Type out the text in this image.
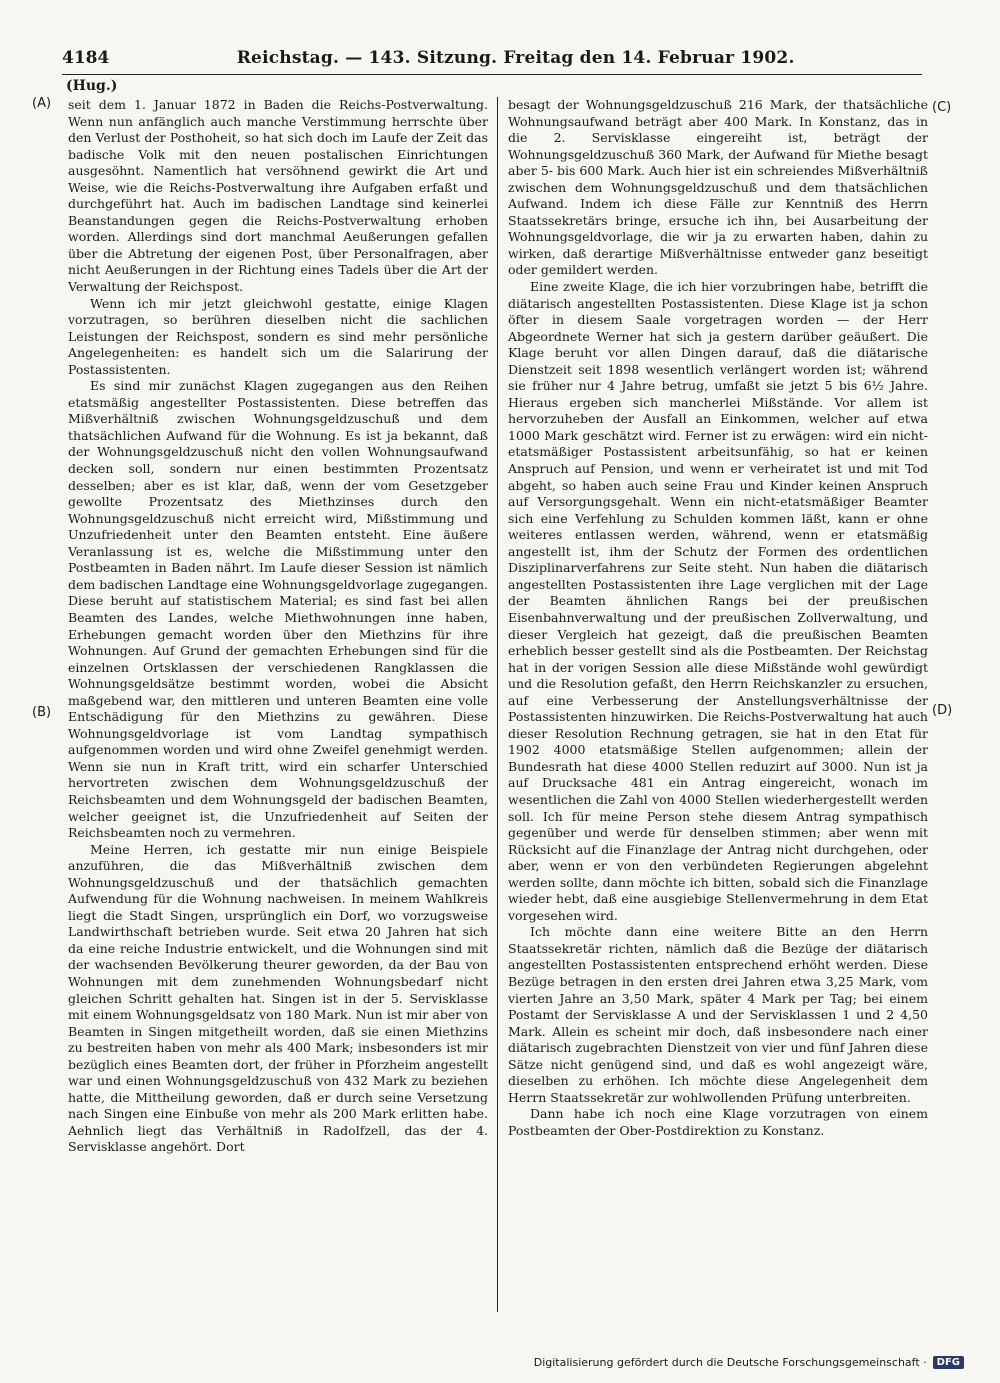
4184	Reichstag. — 143. Sitzung. Freitag den 14. Februar 1902.
(Hug.)
(A)
(B)
(C)
(D)

seit dem 1. Januar 1872 in Baden die Reichs-Postverwaltung. Wenn nun anfänglich auch manche Verstimmung herrschte über den Verlust der Posthoheit, so hat sich doch im Laufe der Zeit das badische Volk mit den neuen postalischen Einrichtungen ausgesöhnt. Namentlich hat versöhnend gewirkt die Art und Weise, wie die Reichs-Postverwaltung ihre Aufgaben erfaßt und durchgeführt hat. Auch im badischen Landtage sind keinerlei Beanstandungen gegen die Reichs-Postverwaltung erhoben worden. Allerdings sind dort manchmal Aeußerungen gefallen über die Abtretung der eigenen Post, über Personalfragen, aber nicht Aeußerungen in der Richtung eines Tadels über die Art der Verwaltung der Reichspost.

Wenn ich mir jetzt gleichwohl gestatte, einige Klagen vorzutragen, so berühren dieselben nicht die sachlichen Leistungen der Reichspost, sondern es sind mehr persönliche Angelegenheiten: es handelt sich um die Salarirung der Postassistenten.

Es sind mir zunächst Klagen zugegangen aus den Reihen etatsmäßig angestellter Postassistenten. Diese betreffen das Mißverhältniß zwischen Wohnungsgeldzuschuß und dem thatsächlichen Aufwand für die Wohnung. Es ist ja bekannt, daß der Wohnungsgeldzuschuß nicht den vollen Wohnungsaufwand decken soll, sondern nur einen bestimmten Prozentsatz desselben; aber es ist klar, daß, wenn der vom Gesetzgeber gewollte Prozentsatz des Miethzinses durch den Wohnungsgeldzuschuß nicht erreicht wird, Mißstimmung und Unzufriedenheit unter den Beamten entsteht. Eine äußere Veranlassung ist es, welche die Mißstimmung unter den Postbeamten in Baden nährt. Im Laufe dieser Session ist nämlich dem badischen Landtage eine Wohnungsgeldvorlage zugegangen. Diese beruht auf statistischem Material; es sind fast bei allen Beamten des Landes, welche Miethwohnungen inne haben, Erhebungen gemacht worden über den Miethzins für ihre Wohnungen. Auf Grund der gemachten Erhebungen sind für die einzelnen Ortsklassen der verschiedenen Rangklassen die Wohnungsgeldsätze bestimmt worden, wobei die Absicht maßgebend war, den mittleren und unteren Beamten eine volle Entschädigung für den Miethzins zu gewähren. Diese Wohnungsgeldvorlage ist vom Landtag sympathisch aufgenommen worden und wird ohne Zweifel genehmigt werden. Wenn sie nun in Kraft tritt, wird ein scharfer Unterschied hervortreten zwischen dem Wohnungsgeldzuschuß der Reichsbeamten und dem Wohnungsgeld der badischen Beamten, welcher geeignet ist, die Unzufriedenheit auf Seiten der Reichsbeamten noch zu vermehren.

Meine Herren, ich gestatte mir nun einige Beispiele anzuführen, die das Mißverhältniß zwischen dem Wohnungsgeldzuschuß und der thatsächlich gemachten Aufwendung für die Wohnung nachweisen. In meinem Wahlkreis liegt die Stadt Singen, ursprünglich ein Dorf, wo vorzugsweise Landwirthschaft betrieben wurde. Seit etwa 20 Jahren hat sich da eine reiche Industrie entwickelt, und die Wohnungen sind mit der wachsenden Bevölkerung theurer geworden, da der Bau von Wohnungen mit dem zunehmenden Wohnungsbedarf nicht gleichen Schritt gehalten hat. Singen ist in der 5. Servisklasse mit einem Wohnungsgeldsatz von 180 Mark. Nun ist mir aber von Beamten in Singen mitgetheilt worden, daß sie einen Miethzins zu bestreiten haben von mehr als 400 Mark; insbesonders ist mir bezüglich eines Beamten dort, der früher in Pforzheim angestellt war und einen Wohnungsgeldzuschuß von 432 Mark zu beziehen hatte, die Mittheilung geworden, daß er durch seine Versetzung nach Singen eine Einbuße von mehr als 200 Mark erlitten habe. Aehnlich liegt das Verhältniß in Radolfzell, das der 4. Servisklasse angehört. Dort

besagt der Wohnungsgeldzuschuß 216 Mark, der thatsächliche Wohnungsaufwand beträgt aber 400 Mark. In Konstanz, das in die 2. Servisklasse eingereiht ist, beträgt der Wohnungsgeldzuschuß 360 Mark, der Aufwand für Miethe besagt aber 5- bis 600 Mark. Auch hier ist ein schreiendes Mißverhältniß zwischen dem Wohnungsgeldzuschuß und dem thatsächlichen Aufwand. Indem ich diese Fälle zur Kenntniß des Herrn Staatssekretärs bringe, ersuche ich ihn, bei Ausarbeitung der Wohnungsgeldvorlage, die wir ja zu erwarten haben, dahin zu wirken, daß derartige Mißverhältnisse entweder ganz beseitigt oder gemildert werden.

Eine zweite Klage, die ich hier vorzubringen habe, betrifft die diätarisch angestellten Postassistenten. Diese Klage ist ja schon öfter in diesem Saale vorgetragen worden — der Herr Abgeordnete Werner hat sich ja gestern darüber geäußert. Die Klage beruht vor allen Dingen darauf, daß die diätarische Dienstzeit seit 1898 wesentlich verlängert worden ist; während sie früher nur 4 Jahre betrug, umfaßt sie jetzt 5 bis 6½ Jahre. Hieraus ergeben sich mancherlei Mißstände. Vor allem ist hervorzuheben der Ausfall an Einkommen, welcher auf etwa 1000 Mark geschätzt wird. Ferner ist zu erwägen: wird ein nicht-etatsmäßiger Postassistent arbeitsunfähig, so hat er keinen Anspruch auf Pension, und wenn er verheiratet ist und mit Tod abgeht, so haben auch seine Frau und Kinder keinen Anspruch auf Versorgungsgehalt. Wenn ein nicht-etatsmäßiger Beamter sich eine Verfehlung zu Schulden kommen läßt, kann er ohne weiteres entlassen werden, während, wenn er etatsmäßig angestellt ist, ihm der Schutz der Formen des ordentlichen Disziplinarverfahrens zur Seite steht. Nun haben die diätarisch angestellten Postassistenten ihre Lage verglichen mit der Lage der Beamten ähnlichen Rangs bei der preußischen Eisenbahnverwaltung und der preußischen Zollverwaltung, und dieser Vergleich hat gezeigt, daß die preußischen Beamten erheblich besser gestellt sind als die Postbeamten. Der Reichstag hat in der vorigen Session alle diese Mißstände wohl gewürdigt und die Resolution gefaßt, den Herrn Reichskanzler zu ersuchen, auf eine Verbesserung der Anstellungsverhältnisse der Postassistenten hinzuwirken. Die Reichs-Postverwaltung hat auch dieser Resolution Rechnung getragen, sie hat in den Etat für 1902 4000 etatsmäßige Stellen aufgenommen; allein der Bundesrath hat diese 4000 Stellen reduzirt auf 3000. Nun ist ja auf Drucksache 481 ein Antrag eingereicht, wonach im wesentlichen die Zahl von 4000 Stellen wiederhergestellt werden soll. Ich für meine Person stehe diesem Antrag sympathisch gegenüber und werde für denselben stimmen; aber wenn mit Rücksicht auf die Finanzlage der Antrag nicht durchgehen, oder aber, wenn er von den verbündeten Regierungen abgelehnt werden sollte, dann möchte ich bitten, sobald sich die Finanzlage wieder hebt, daß eine ausgiebige Stellenvermehrung in dem Etat vorgesehen wird.

Ich möchte dann eine weitere Bitte an den Herrn Staatssekretär richten, nämlich daß die Bezüge der diätarisch angestellten Postassistenten entsprechend erhöht werden. Diese Bezüge betragen in den ersten drei Jahren etwa 3,25 Mark, vom vierten Jahre an 3,50 Mark, später 4 Mark per Tag; bei einem Postamt der Servisklasse A und der Servisklassen 1 und 2 4,50 Mark. Allein es scheint mir doch, daß insbesondere nach einer diätarisch zugebrachten Dienstzeit von vier und fünf Jahren diese Sätze nicht genügend sind, und daß es wohl angezeigt wäre, dieselben zu erhöhen. Ich möchte diese Angelegenheit dem Herrn Staatssekretär zur wohlwollenden Prüfung unterbreiten.

Dann habe ich noch eine Klage vorzutragen von einem Postbeamten der Ober-Postdirektion zu Konstanz.

Digitalisierung gefördert durch die Deutsche Forschungsgemeinschaft ·	DFG
